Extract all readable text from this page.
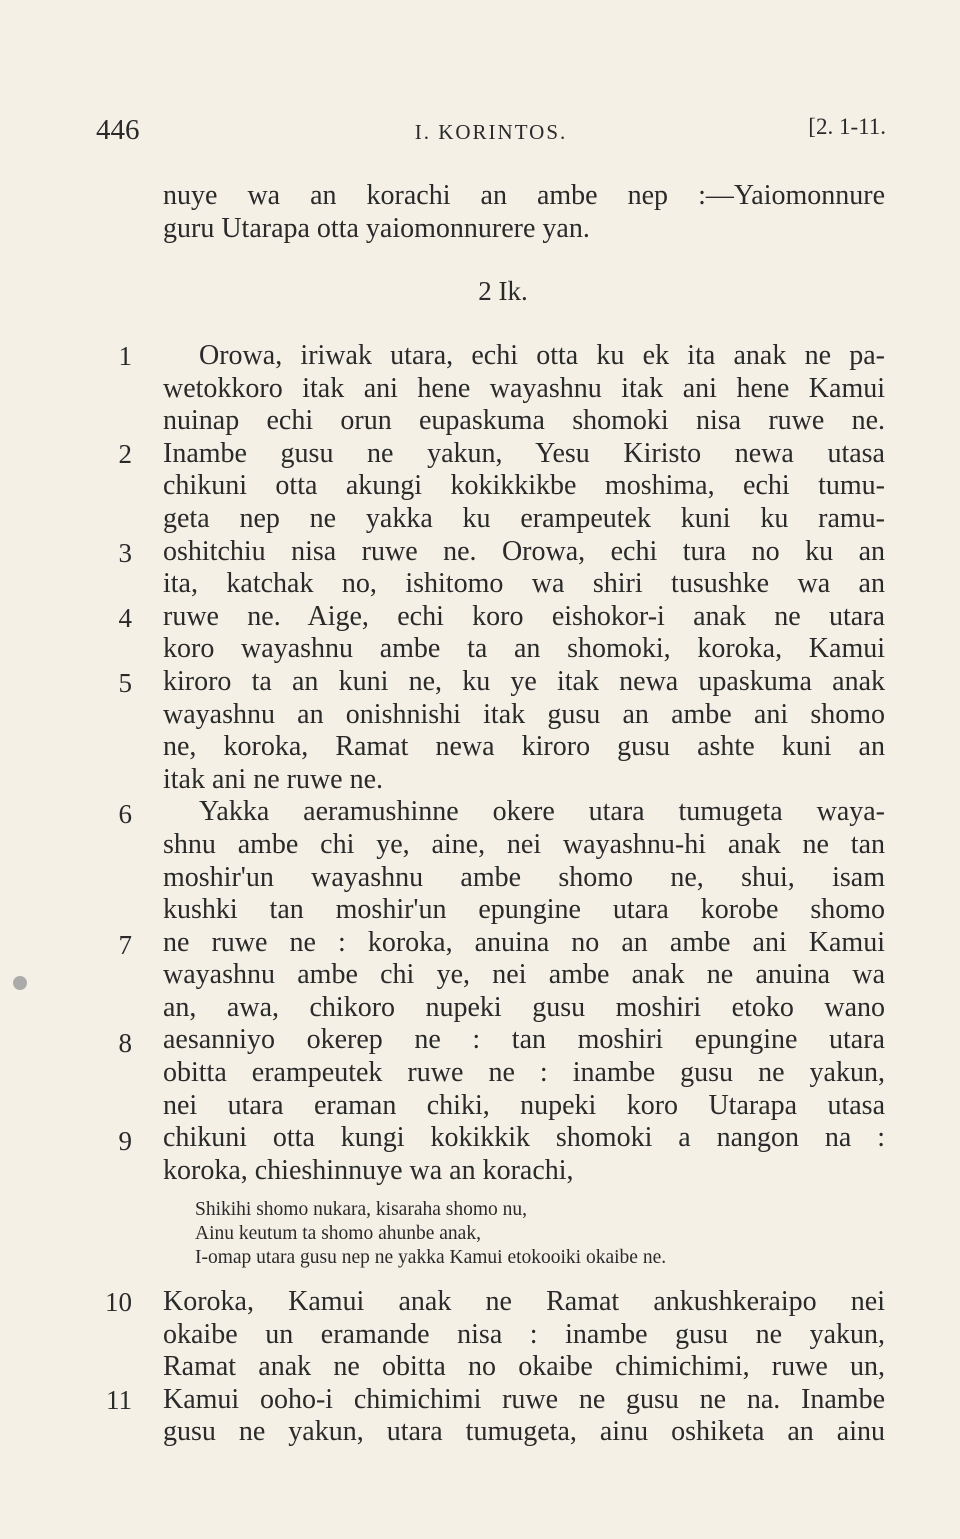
446	I. KORINTOS.	[2. 1-11.
nuye wa an korachi an ambe nep :—Yaiomonnure
guru Utarapa otta yaiomonnurere yan.
2 Ik.
1
2
3
4
5
6
7
8
9
Orowa, iriwak utara, echi otta ku ek ita anak ne pa-
wetokkoro itak ani hene wayashnu itak ani hene Kamui
nuinap echi orun eupaskuma shomoki nisa ruwe ne.
Inambe gusu ne yakun, Yesu Kiristo newa utasa
chikuni otta akungi kokikkikbe moshima, echi tumu-
geta nep ne yakka ku erampeutek kuni ku ramu-
oshitchiu nisa ruwe ne. Orowa, echi tura no ku an
ita, katchak no, ishitomo wa shiri tusushke wa an
ruwe ne. Aige, echi koro eishokor-i anak ne utara
koro wayashnu ambe ta an shomoki, koroka, Kamui
kiroro ta an kuni ne, ku ye itak newa upaskuma anak
wayashnu an onishnishi itak gusu an ambe ani shomo
ne, koroka, Ramat newa kiroro gusu ashte kuni an
itak ani ne ruwe ne.
Yakka aeramushinne okere utara tumugeta waya-
shnu ambe chi ye, aine, nei wayashnu-hi anak ne tan
moshir'un wayashnu ambe shomo ne, shui, isam
kushki tan moshir'un epungine utara korobe shomo
ne ruwe ne : koroka, anuina no an ambe ani Kamui
wayashnu ambe chi ye, nei ambe anak ne anuina wa
an, awa, chikoro nupeki gusu moshiri etoko wano
aesanniyo okerep ne : tan moshiri epungine utara
obitta erampeutek ruwe ne : inambe gusu ne yakun,
nei utara eraman chiki, nupeki koro Utarapa utasa
chikuni otta kungi kokikkik shomoki a nangon na :
koroka, chieshinnuye wa an korachi,
Shikihi shomo nukara, kisaraha shomo nu,
Ainu keutum ta shomo ahunbe anak,
I-omap utara gusu nep ne yakka Kamui etokooiki okaibe ne.
10
11
Koroka, Kamui anak ne Ramat ankushkeraipo nei
okaibe un eramande nisa : inambe gusu ne yakun,
Ramat anak ne obitta no okaibe chimichimi, ruwe un,
Kamui ooho-i chimichimi ruwe ne gusu ne na. Inambe
gusu ne yakun, utara tumugeta, ainu oshiketa an ainu
